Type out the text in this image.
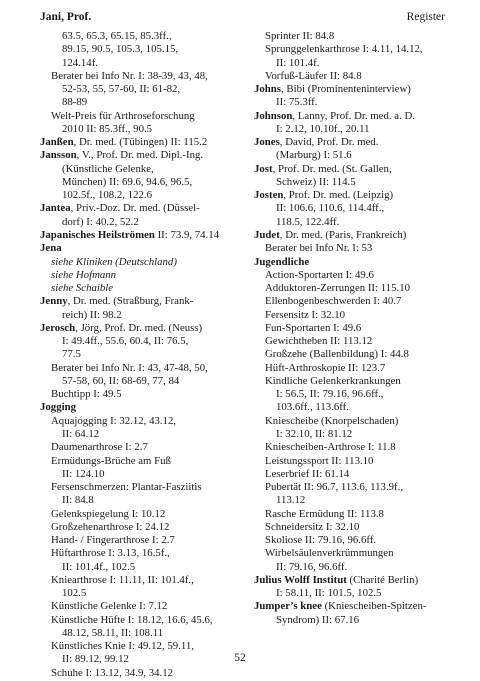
Jani, Prof.	Register
63.5, 65.3, 65.15, 85.3ff.,
89.15, 90.5, 105.3, 105.15,
124.14f.
Berater bei Info Nr. I: 38-39, 43, 48,
52-53, 55, 57-60, II: 61-82,
88-89
Welt-Preis für Arthroseforschung
2010 II: 85.3ff., 90.5
Janßen, Dr. med. (Tübingen) II: 115.2
Jansson, V., Prof. Dr. med. Dipl.-Ing.
(Künstliche Gelenke,
München) II: 69.6, 94.6, 96.5,
102.5f., 108.2, 122.6
Jantea, Priv.-Doz. Dr. med. (Düssel-
dorf) I: 40.2, 52.2
Japanisches Heilströmen II: 73.9, 74.14
Jena
siehe Kliniken (Deutschland)
siehe Hofmann
siehe Schaible
Jenny, Dr. med. (Straßburg, Frank-
reich) II: 98.2
Jerosch, Jörg, Prof. Dr. med. (Neuss)
I: 49.4ff., 55.6, 60.4, II: 76.5,
77.5
Berater bei Info Nr. I: 43, 47-48, 50,
57-58, 60, II: 68-69, 77, 84
Buchtipp I: 49.5
Jogging
Aquajogging I: 32.12, 43.12,
II: 64.12
Daumenarthrose I: 2.7
Ermüdungs-Brüche am Fuß
II: 124.10
Fersenschmerzen: Plantar-Fasziitis
II: 84.8
Gelenkspiegelung I: 10.12
Großzehenarthrose I: 24.12
Hand- / Fingerarthrose I: 2.7
Hüftarthrose I: 3.13, 16.5f.,
II: 101.4f., 102.5
Kniearthrose I: 11.11, II: 101.4f.,
102.5
Künstliche Gelenke I: 7.12
Künstliche Hüfte I: 18.12, 16.6, 45.6,
48.12, 58.11, II: 108.11
Künstliches Knie I: 49.12, 59.11,
II: 89.12, 99.12
Schuhe I: 13.12, 34.9, 34.12
Sprinter II: 84.8
Sprunggelenkarthrose I: 4.11, 14.12,
II: 101.4f.
Vorfuß-Läufer II: 84.8
Johns, Bibi (Prominenteninterview)
II: 75.3ff.
Johnson, Lanny, Prof. Dr. med. a. D.
I: 2.12, 10.10f., 20.11
Jones, David, Prof. Dr. med.
(Marburg) I: 51.6
Jost, Prof. Dr. med. (St. Gallen,
Schweiz) II: 114.5
Josten, Prof. Dr. med. (Leipzig)
II: 106.6, 110.6, 114.4ff.,
118.5, 122.4ff.
Judet, Dr. med. (Paris, Frankreich)
Berater bei Info Nr. I: 53
Jugendliche
Action-Sportarten I: 49.6
Adduktoren-Zerrungen II: 115.10
Ellenbogenbeschwerden I: 40.7
Fersensitz I: 32.10
Fun-Sportarten I: 49.6
Gewichtheben II: 113.12
Großzehe (Ballenbildung) I: 44.8
Hüft-Arthroskopie II: 123.7
Kindliche Gelenkerkrankungen
I: 56.5, II: 79.16, 96.6ff.,
103.6ff., 113.6ff.
Kniescheibe (Knorpelschaden)
I: 32.10, II: 81.12
Kniescheiben-Arthrose I: 11.8
Leistungssport II: 113.10
Leserbrief II: 61.14
Pubertät II: 96.7, 113.6, 113.9f.,
113.12
Rasche Ermüdung II: 113.8
Schneidersitz I: 32.10
Skoliose II: 79.16, 96.6ff.
Wirbelsäulenverkrümmungen
II: 79.16, 96.6ff.
Julius Wolff Institut (Charité Berlin)
I: 58.11, II: 101.5, 102.5
Jumper’s knee (Kniescheiben-Spitzen-
Syndrom) II: 67.16
52
